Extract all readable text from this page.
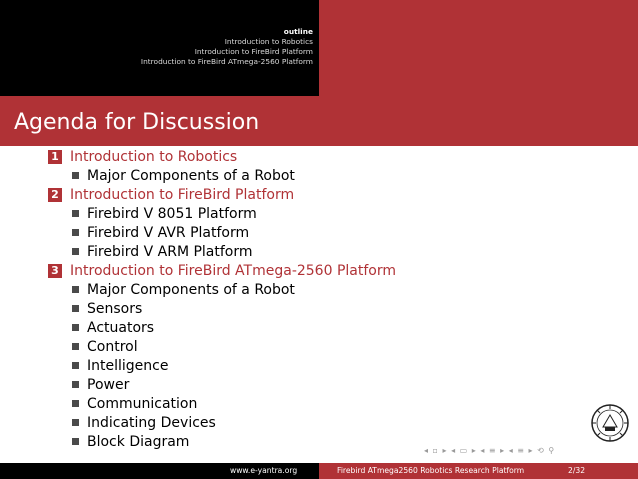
outline
Introduction to Robotics
Introduction to FireBird Platform
Introduction to FireBird ATmega-2560 Platform
Agenda for Discussion
1 Introduction to Robotics
Major Components of a Robot
2 Introduction to FireBird Platform
Firebird V 8051 Platform
Firebird V AVR Platform
Firebird V ARM Platform
3 Introduction to FireBird ATmega-2560 Platform
Major Components of a Robot
Sensors
Actuators
Control
Intelligence
Power
Communication
Indicating Devices
Block Diagram
◂ ▫ ▸ ◂ ▭ ▸ ◂ ≡ ▸ ◂ ≡ ▸ ⟲ ⚲
www.e-yantra.org	Firebird ATmega2560 Robotics Research Platform	2/32
